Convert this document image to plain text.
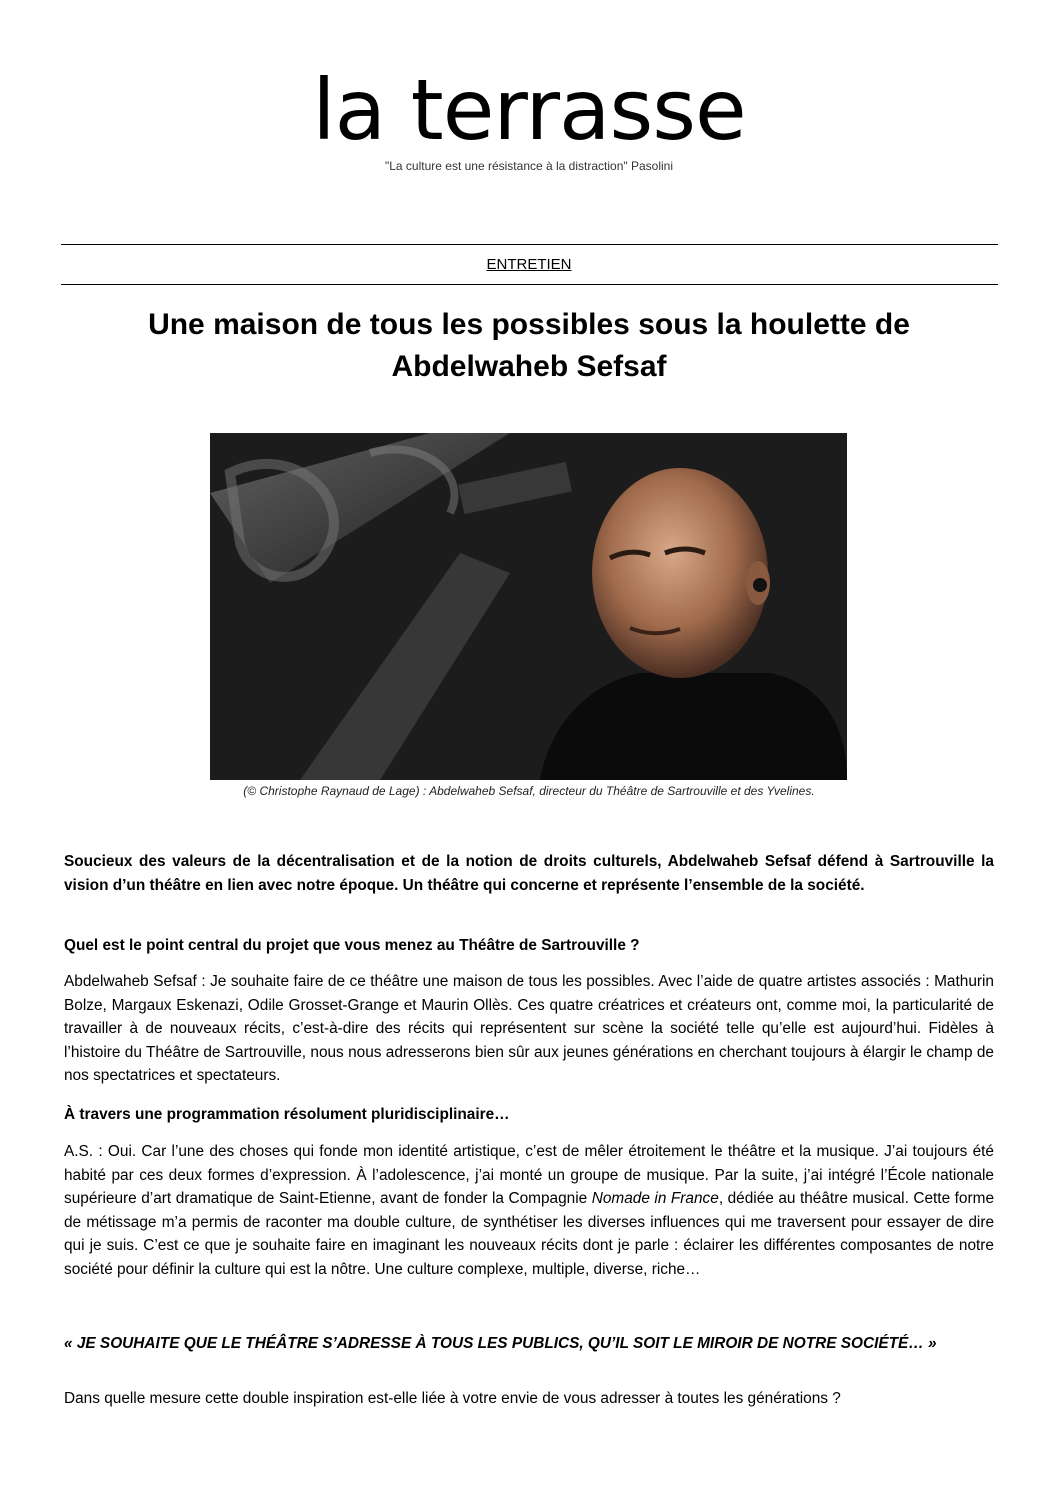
la terrasse
"La culture est une résistance à la distraction" Pasolini
ENTRETIEN
Une maison de tous les possibles sous la houlette de Abdelwaheb Sefsaf
(© Christophe Raynaud de Lage) : Abdelwaheb Sefsaf, directeur du Théâtre de Sartrouville et des Yvelines.

Soucieux des valeurs de la décentralisation et de la notion de droits culturels, Abdelwaheb Sefsaf défend à Sartrouville la vision d’un théâtre en lien avec notre époque. Un théâtre qui concerne et représente l’ensemble de la société.

Quel est le point central du projet que vous menez au Théâtre de Sartrouville ?

Abdelwaheb Sefsaf : Je souhaite faire de ce théâtre une maison de tous les possibles. Avec l’aide de quatre artistes associés : Mathurin Bolze, Margaux Eskenazi, Odile Grosset-Grange et Maurin Ollès. Ces quatre créatrices et créateurs ont, comme moi, la particularité de travailler à de nouveaux récits, c’est-à-dire des récits qui représentent sur scène la société telle qu’elle est aujourd’hui. Fidèles à l’histoire du Théâtre de Sartrouville, nous nous adresserons bien sûr aux jeunes générations en cherchant toujours à élargir le champ de nos spectatrices et spectateurs.

À travers une programmation résolument pluridisciplinaire…

A.S. : Oui. Car l’une des choses qui fonde mon identité artistique, c’est de mêler étroitement le théâtre et la musique. J’ai toujours été habité par ces deux formes d’expression. À l’adolescence, j’ai monté un groupe de musique. Par la suite, j’ai intégré l’École nationale supérieure d’art dramatique de Saint-Etienne, avant de fonder la Compagnie Nomade in France, dédiée au théâtre musical. Cette forme de métissage m’a permis de raconter ma double culture, de synthétiser les diverses influences qui me traversent pour essayer de dire qui je suis. C’est ce que je souhaite faire en imaginant les nouveaux récits dont je parle : éclairer les différentes composantes de notre société pour définir la culture qui est la nôtre. Une culture complexe, multiple, diverse, riche…

« JE SOUHAITE QUE LE THÉÂTRE S’ADRESSE À TOUS LES PUBLICS, QU’IL SOIT LE MIROIR DE NOTRE SOCIÉTÉ… »

Dans quelle mesure cette double inspiration est-elle liée à votre envie de vous adresser à toutes les générations ?
